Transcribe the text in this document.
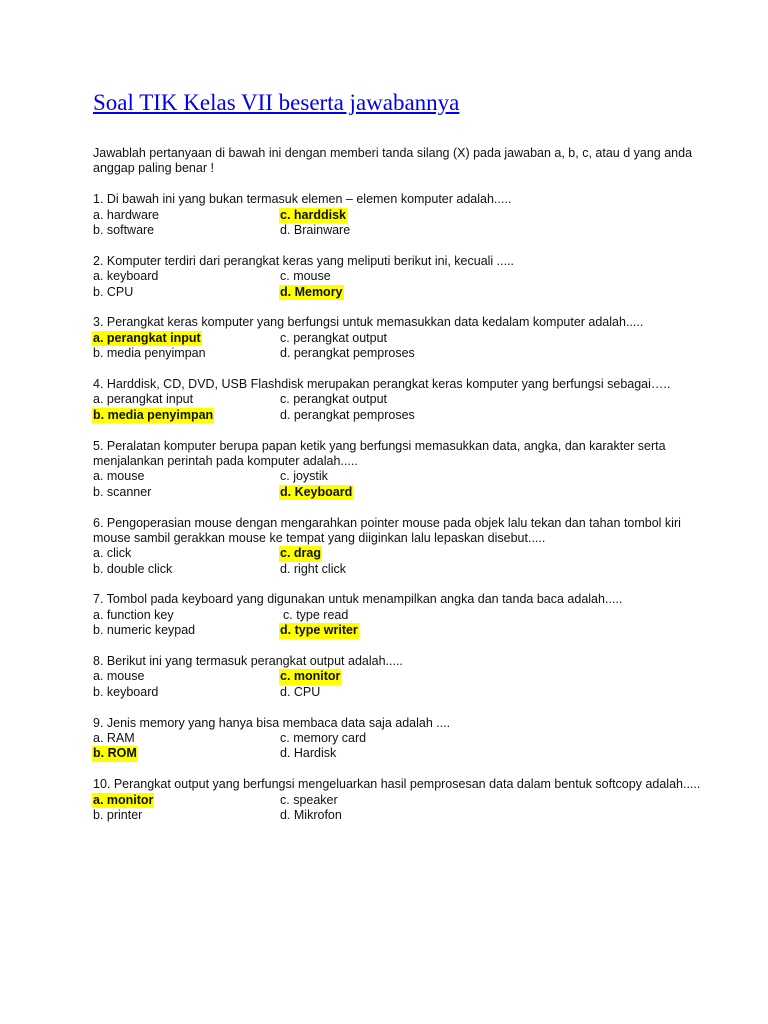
Soal TIK Kelas VII beserta jawabannya

Jawablah pertanyaan di bawah ini dengan memberi tanda silang (X) pada jawaban a, b, c, atau d yang anda anggap paling benar !

1. Di bawah ini yang bukan termasuk elemen – elemen komputer adalah.....

a. hardware	c. harddisk
b. software	d. Brainware

2. Komputer terdiri dari perangkat keras yang meliputi berikut ini, kecuali .....

a. keyboard	c. mouse
b. CPU	d. Memory

3. Perangkat keras komputer yang berfungsi untuk memasukkan data kedalam komputer adalah.....

a. perangkat input	c. perangkat output
b. media penyimpan	d. perangkat pemproses

4. Harddisk, CD, DVD, USB Flashdisk merupakan perangkat keras komputer yang berfungsi sebagai…..

a. perangkat input	c. perangkat output
b. media penyimpan	d. perangkat pemproses

5. Peralatan komputer berupa papan ketik yang berfungsi memasukkan data, angka, dan karakter serta menjalankan perintah pada komputer adalah.....

a. mouse	c. joystik
b. scanner	d. Keyboard

6. Pengoperasian mouse dengan mengarahkan pointer mouse pada objek lalu tekan dan tahan tombol kiri mouse sambil gerakkan mouse ke tempat yang diiginkan lalu lepaskan disebut.....

a. click	c. drag
b. double click	d. right click

7. Tombol pada keyboard yang digunakan untuk menampilkan angka dan tanda baca adalah.....

a. function key	c. type read
b. numeric keypad	d. type writer

8. Berikut ini yang termasuk perangkat output adalah.....

a. mouse	c. monitor
b. keyboard	d. CPU

9. Jenis memory yang hanya bisa membaca data saja adalah ....

a. RAM	c. memory card
b. ROM	d. Hardisk

10. Perangkat output yang berfungsi mengeluarkan hasil pemprosesan data dalam bentuk softcopy adalah.....

a. monitor	c. speaker
b. printer	d. Mikrofon
